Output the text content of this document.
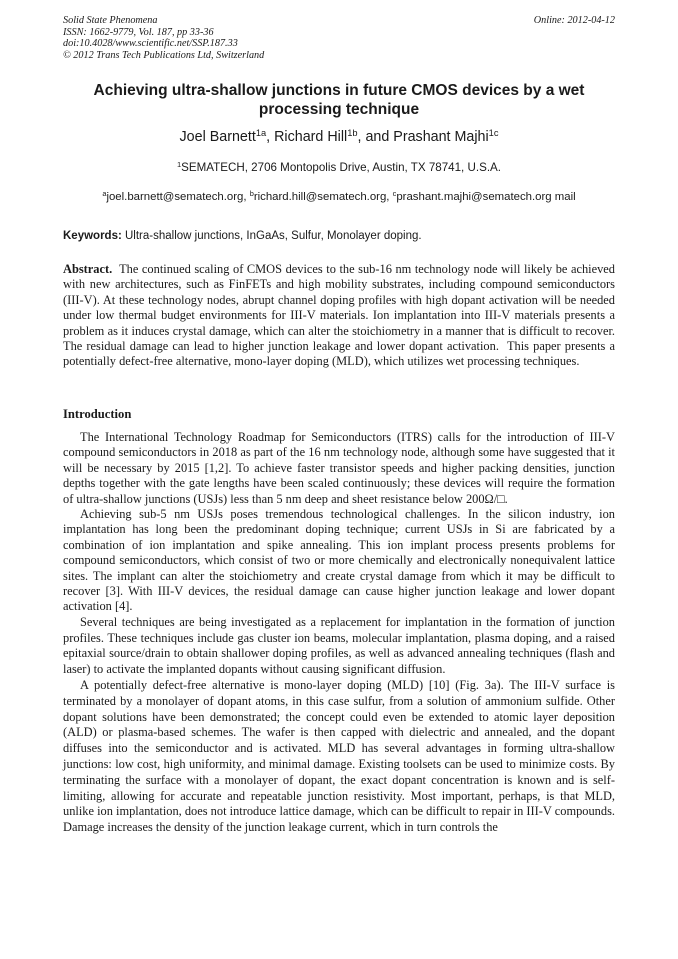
Solid State Phenomena
ISSN: 1662-9779, Vol. 187, pp 33-36
doi:10.4028/www.scientific.net/SSP.187.33
© 2012 Trans Tech Publications Ltd, Switzerland
Online: 2012-04-12
Achieving ultra-shallow junctions in future CMOS devices by a wet processing technique
Joel Barnett$^{1a}$, Richard Hill$^{1b}$, and Prashant Majhi$^{1c}$
$^1$SEMATECH, 2706 Montopolis Drive, Austin, TX 78741, U.S.A.
$^a$joel.barnett@sematech.org, $^b$richard.hill@sematech.org, $^c$prashant.majhi@sematech.org mail
Keywords: Ultra-shallow junctions, InGaAs, Sulfur, Monolayer doping.
Abstract.  The continued scaling of CMOS devices to the sub-16 nm technology node will likely be achieved with new architectures, such as FinFETs and high mobility substrates, including compound semiconductors (III-V). At these technology nodes, abrupt channel doping profiles with high dopant activation will be needed under low thermal budget environments for III-V materials. Ion implantation into III-V materials presents a problem as it induces crystal damage, which can alter the stoichiometry in a manner that is difficult to recover. The residual damage can lead to higher junction leakage and lower dopant activation.  This paper presents a potentially defect-free alternative, mono-layer doping (MLD), which utilizes wet processing techniques.
Introduction

The International Technology Roadmap for Semiconductors (ITRS) calls for the introduction of III-V compound semiconductors in 2018 as part of the 16 nm technology node, although some have suggested that it will be necessary by 2015 [1,2]. To achieve faster transistor speeds and higher packing densities, junction depths together with the gate lengths have been scaled continuously; these devices will require the formation of ultra-shallow junctions (USJs) less than 5 nm deep and sheet resistance below 200Ω/□.

Achieving sub-5 nm USJs poses tremendous technological challenges. In the silicon industry, ion implantation has long been the predominant doping technique; current USJs in Si are fabricated by a combination of ion implantation and spike annealing. This ion implant process presents problems for compound semiconductors, which consist of two or more chemically and electronically nonequivalent lattice sites. The implant can alter the stoichiometry and create crystal damage from which it may be difficult to recover [3]. With III-V devices, the residual damage can cause higher junction leakage and lower dopant activation [4].

Several techniques are being investigated as a replacement for implantation in the formation of junction profiles. These techniques include gas cluster ion beams, molecular implantation, plasma doping, and a raised epitaxial source/drain to obtain shallower doping profiles, as well as advanced annealing techniques (flash and laser) to activate the implanted dopants without causing significant diffusion.

A potentially defect-free alternative is mono-layer doping (MLD) [10] (Fig. 3a). The III-V surface is terminated by a monolayer of dopant atoms, in this case sulfur, from a solution of ammonium sulfide. Other dopant solutions have been demonstrated; the concept could even be extended to atomic layer deposition (ALD) or plasma-based schemes. The wafer is then capped with dielectric and annealed, and the dopant diffuses into the semiconductor and is activated. MLD has several advantages in forming ultra-shallow junctions: low cost, high uniformity, and minimal damage. Existing toolsets can be used to minimize costs. By terminating the surface with a monolayer of dopant, the exact dopant concentration is known and is self-limiting, allowing for accurate and repeatable junction resistivity. Most important, perhaps, is that MLD, unlike ion implantation, does not introduce lattice damage, which can be difficult to repair in III-V compounds. Damage increases the density of the junction leakage current, which in turn controls the
